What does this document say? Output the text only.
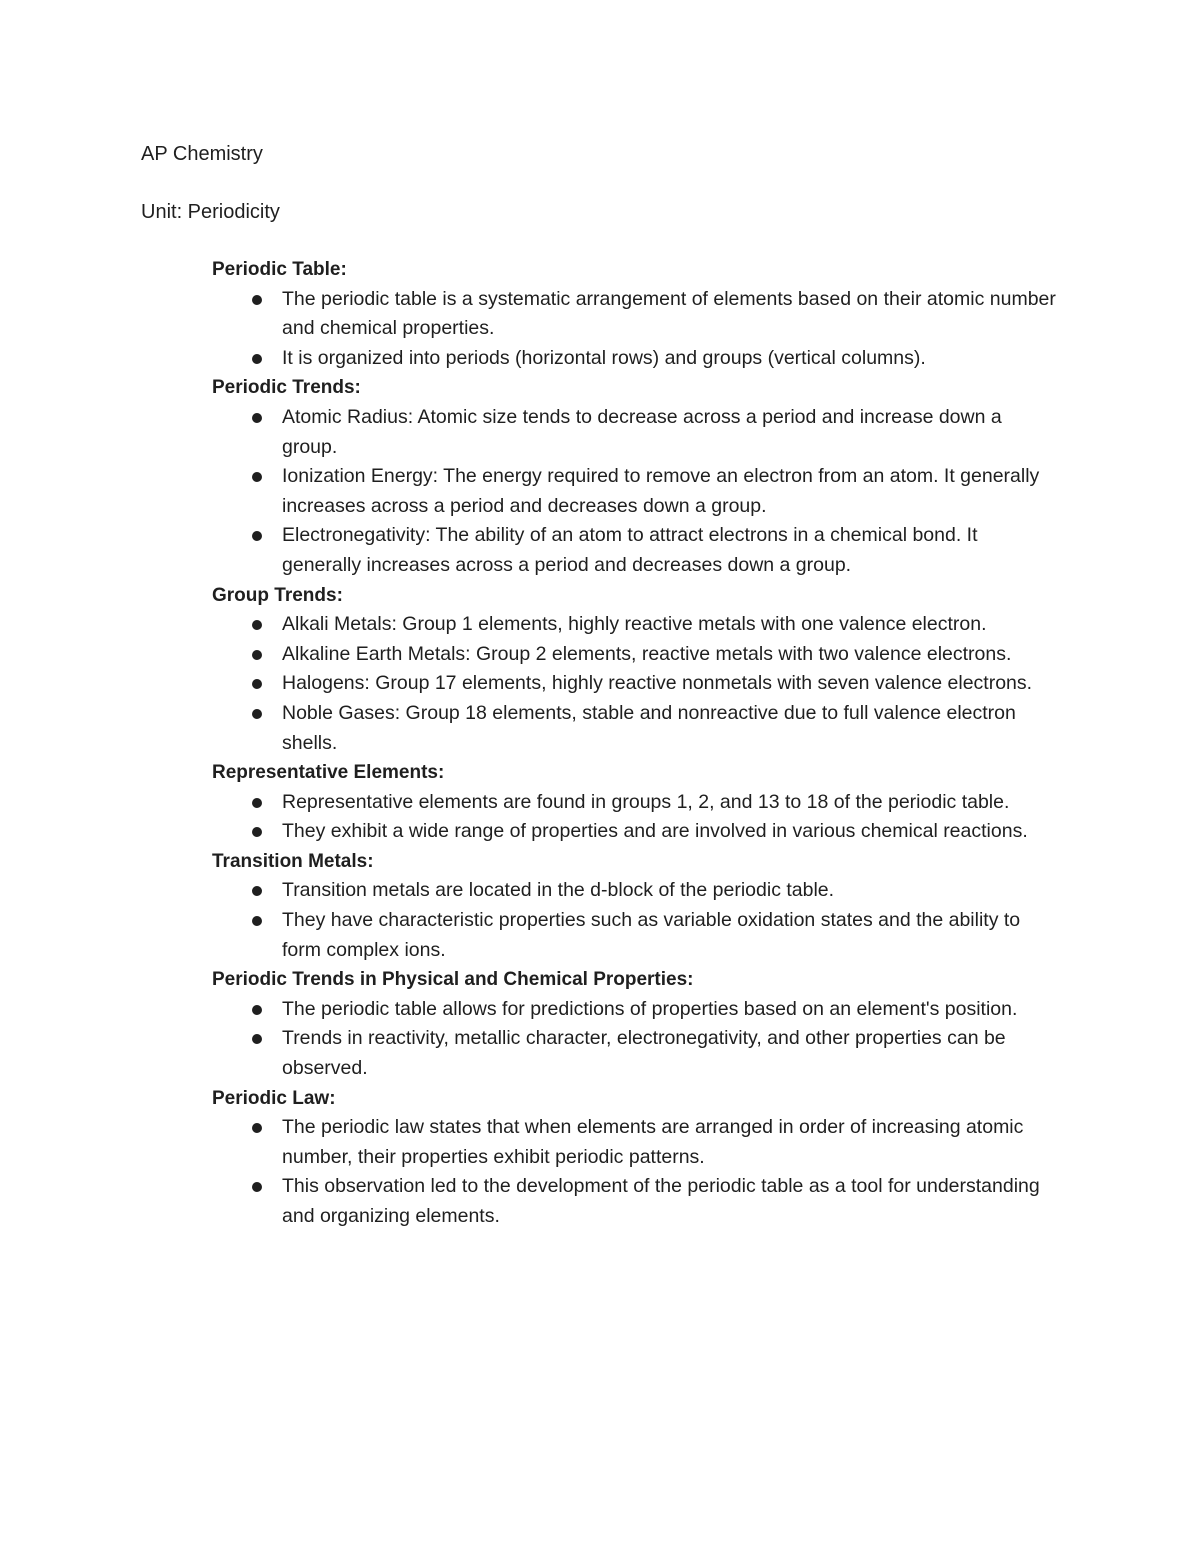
AP Chemistry

Unit: Periodicity

Periodic Table:

The periodic table is a systematic arrangement of elements based on their atomic number and chemical properties.
It is organized into periods (horizontal rows) and groups (vertical columns).

Periodic Trends:

Atomic Radius: Atomic size tends to decrease across a period and increase down a group.
Ionization Energy: The energy required to remove an electron from an atom. It generally increases across a period and decreases down a group.
Electronegativity: The ability of an atom to attract electrons in a chemical bond. It generally increases across a period and decreases down a group.

Group Trends:

Alkali Metals: Group 1 elements, highly reactive metals with one valence electron.
Alkaline Earth Metals: Group 2 elements, reactive metals with two valence electrons.
Halogens: Group 17 elements, highly reactive nonmetals with seven valence electrons.
Noble Gases: Group 18 elements, stable and nonreactive due to full valence electron shells.

Representative Elements:

Representative elements are found in groups 1, 2, and 13 to 18 of the periodic table.
They exhibit a wide range of properties and are involved in various chemical reactions.

Transition Metals:

Transition metals are located in the d-block of the periodic table.
They have characteristic properties such as variable oxidation states and the ability to form complex ions.

Periodic Trends in Physical and Chemical Properties:

The periodic table allows for predictions of properties based on an element's position.
Trends in reactivity, metallic character, electronegativity, and other properties can be observed.

Periodic Law:

The periodic law states that when elements are arranged in order of increasing atomic number, their properties exhibit periodic patterns.
This observation led to the development of the periodic table as a tool for understanding and organizing elements.
